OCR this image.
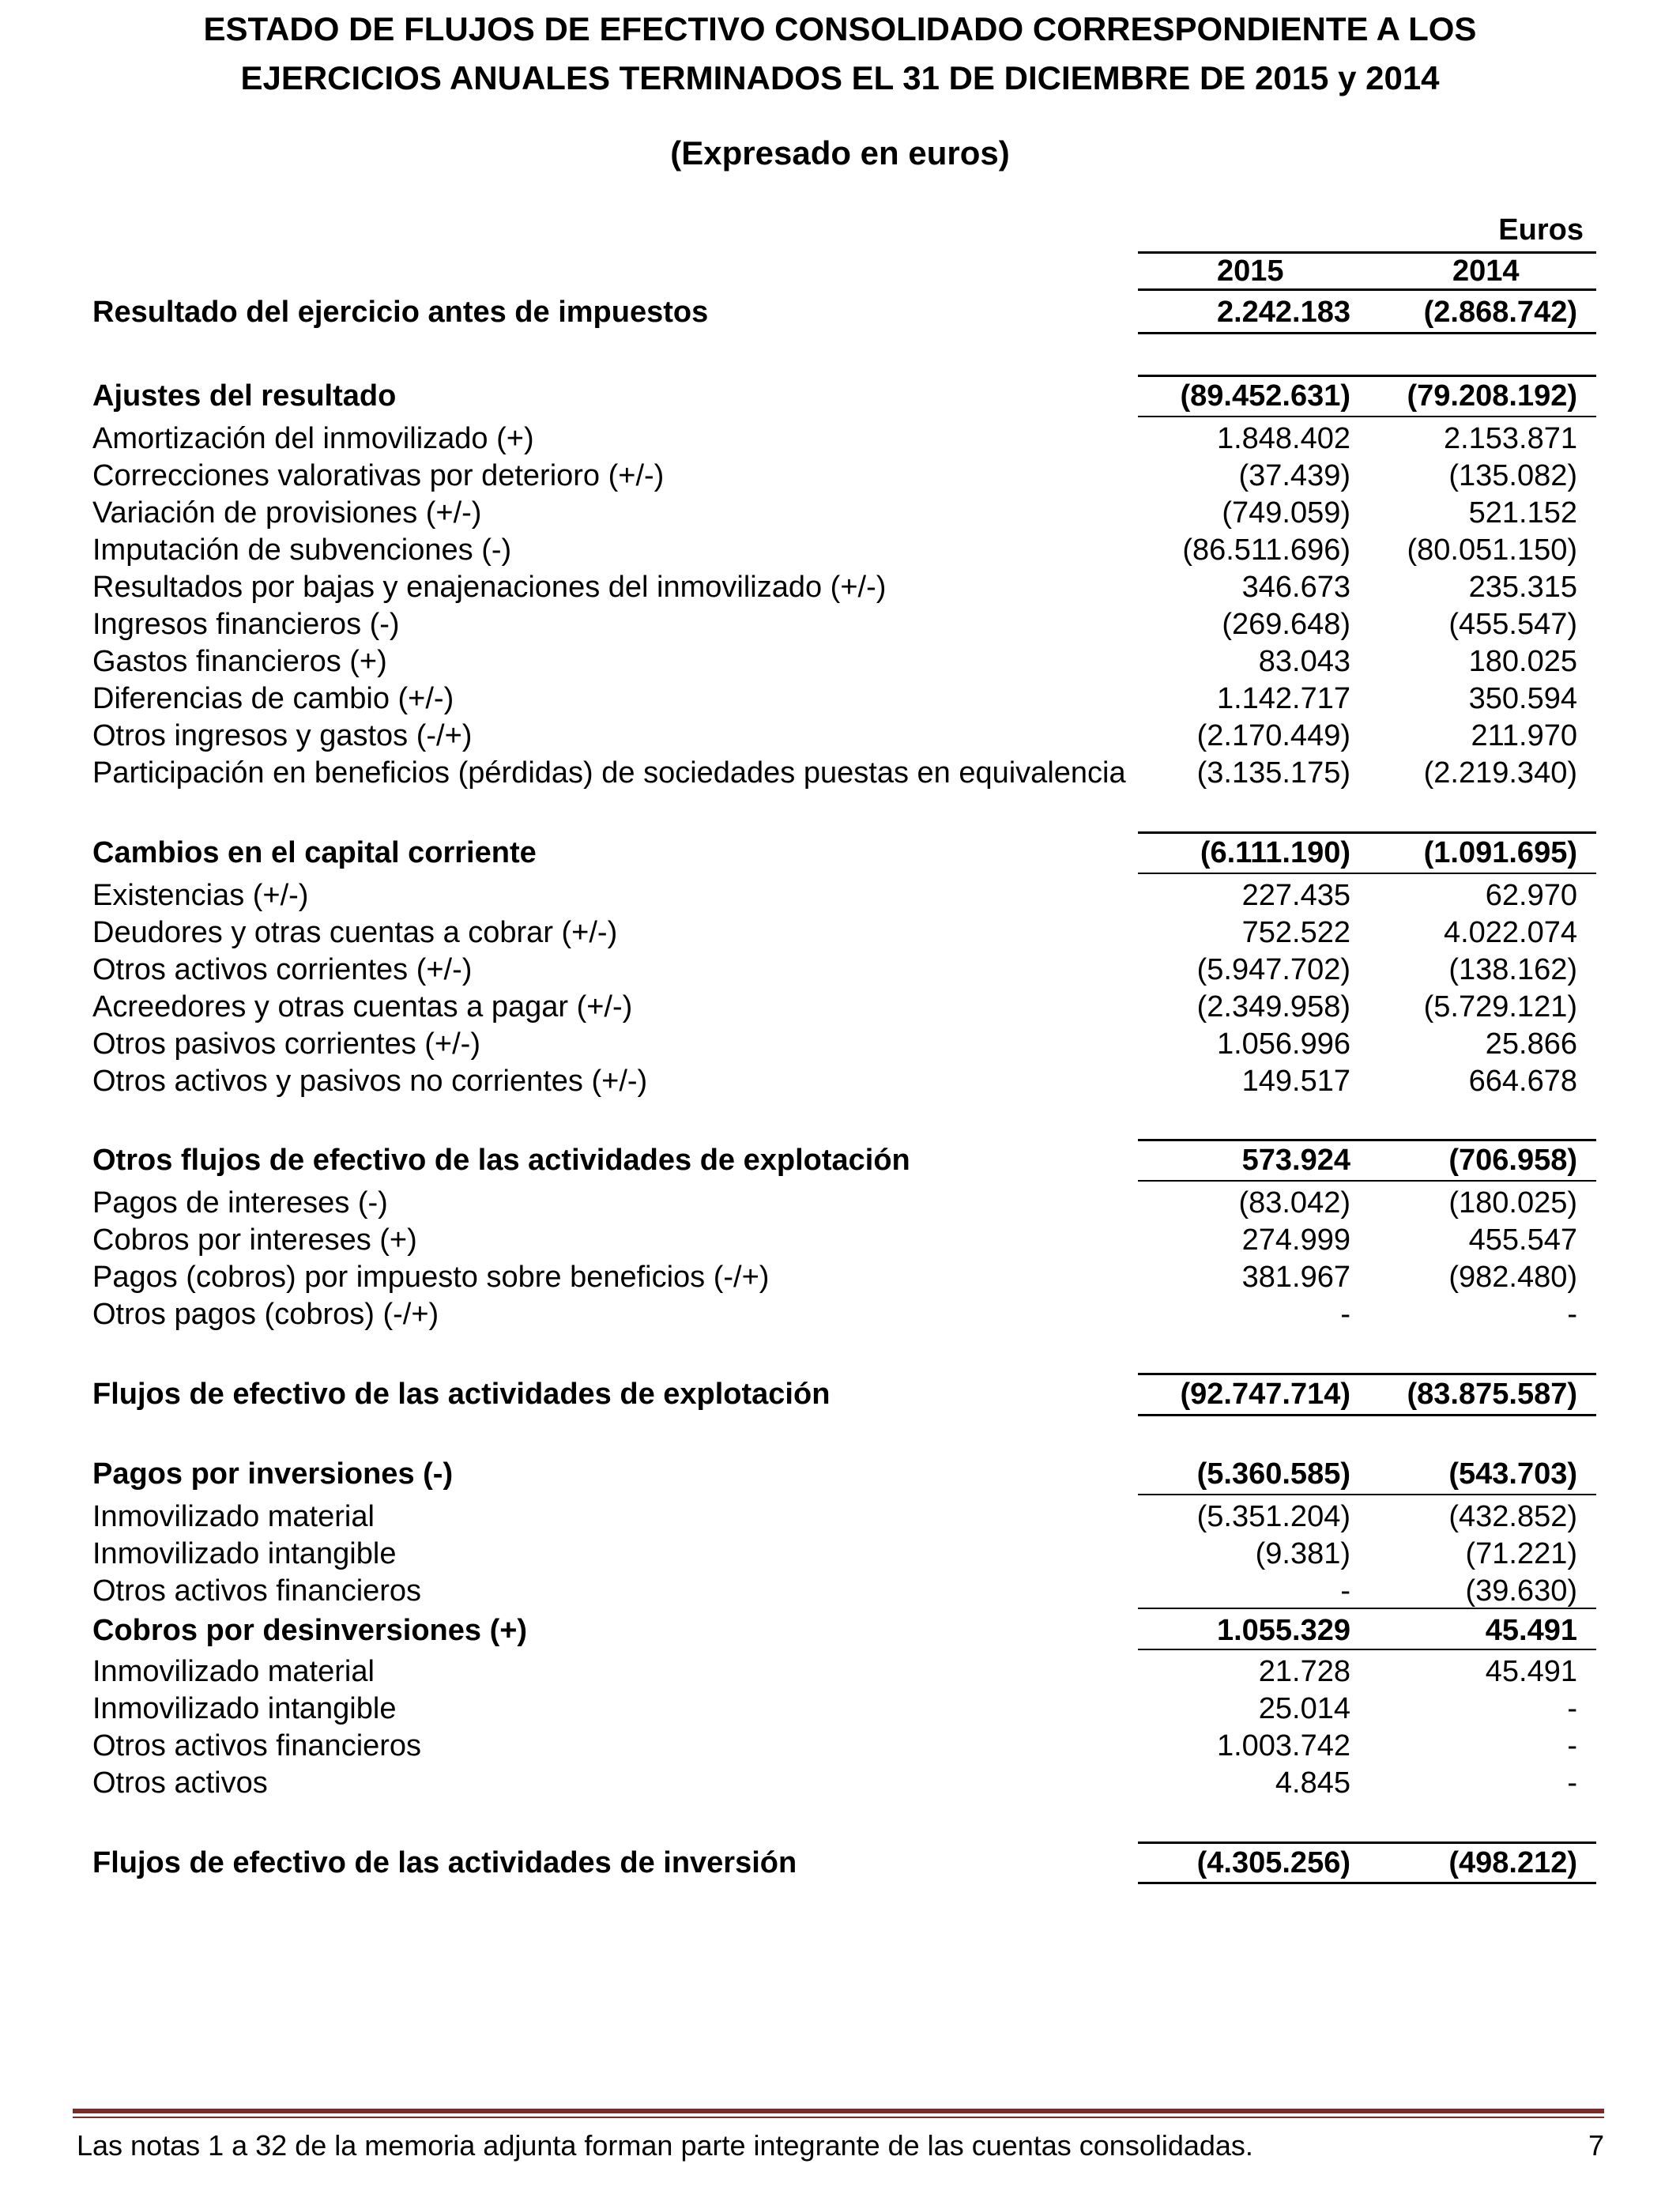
ESTADO DE FLUJOS DE EFECTIVO CONSOLIDADO CORRESPONDIENTE A LOS
EJERCICIOS ANUALES TERMINADOS EL 31 DE DICIEMBRE DE 2015 y 2014
(Expresado en euros)
Euros
2015	2014
Resultado del ejercicio antes de impuestos	2.242.183 (2.868.742)
Ajustes del resultado	(89.452.631) (79.208.192)
Amortización del inmovilizado (+)	1.848.402	2.153.871
Correcciones valorativas por deterioro (+/-)	(37.439)	(135.082)
Variación de provisiones (+/-)	(749.059)	521.152
Imputación de subvenciones (-)	(86.511.696) (80.051.150)
Resultados por bajas y enajenaciones del inmovilizado (+/-)	346.673	235.315
Ingresos financieros (-)	(269.648)	(455.547)
Gastos financieros (+)	83.043	180.025
Diferencias de cambio (+/-)	1.142.717	350.594
Otros ingresos y gastos (-/+)	(2.170.449)	211.970
Participación en beneficios (pérdidas) de sociedades puestas en equivalencia (3.135.175) (2.219.340)
Cambios en el capital corriente	(6.111.190) (1.091.695)
Existencias (+/-)	227.435	62.970
Deudores y otras cuentas a cobrar (+/-)	752.522	4.022.074
Otros activos corrientes (+/-)	(5.947.702)	(138.162)
Acreedores y otras cuentas a pagar (+/-)	(2.349.958) (5.729.121)
Otros pasivos corrientes (+/-)	1.056.996	25.866
Otros activos y pasivos no corrientes (+/-)	149.517	664.678
Otros flujos de efectivo de las actividades de explotación	573.924	(706.958)
Pagos de intereses (-)	(83.042)	(180.025)
Cobros por intereses (+)	274.999	455.547
Pagos (cobros) por impuesto sobre beneficios (-/+)	381.967	(982.480)
Otros pagos (cobros) (-/+)	-	-
Flujos de efectivo de las actividades de explotación	(92.747.714) (83.875.587)
Pagos por inversiones (-)	(5.360.585)	(543.703)
Inmovilizado material	(5.351.204)	(432.852)
Inmovilizado intangible	(9.381)	(71.221)
Otros activos financieros	-	(39.630)
Cobros por desinversiones (+)	1.055.329	45.491
Inmovilizado material	21.728	45.491
Inmovilizado intangible	25.014	-
Otros activos financieros	1.003.742	-
Otros activos	4.845	-
Flujos de efectivo de las actividades de inversión	(4.305.256)	(498.212)
Las notas 1 a 32 de la memoria adjunta forman parte integrante de las cuentas consolidadas.	7
